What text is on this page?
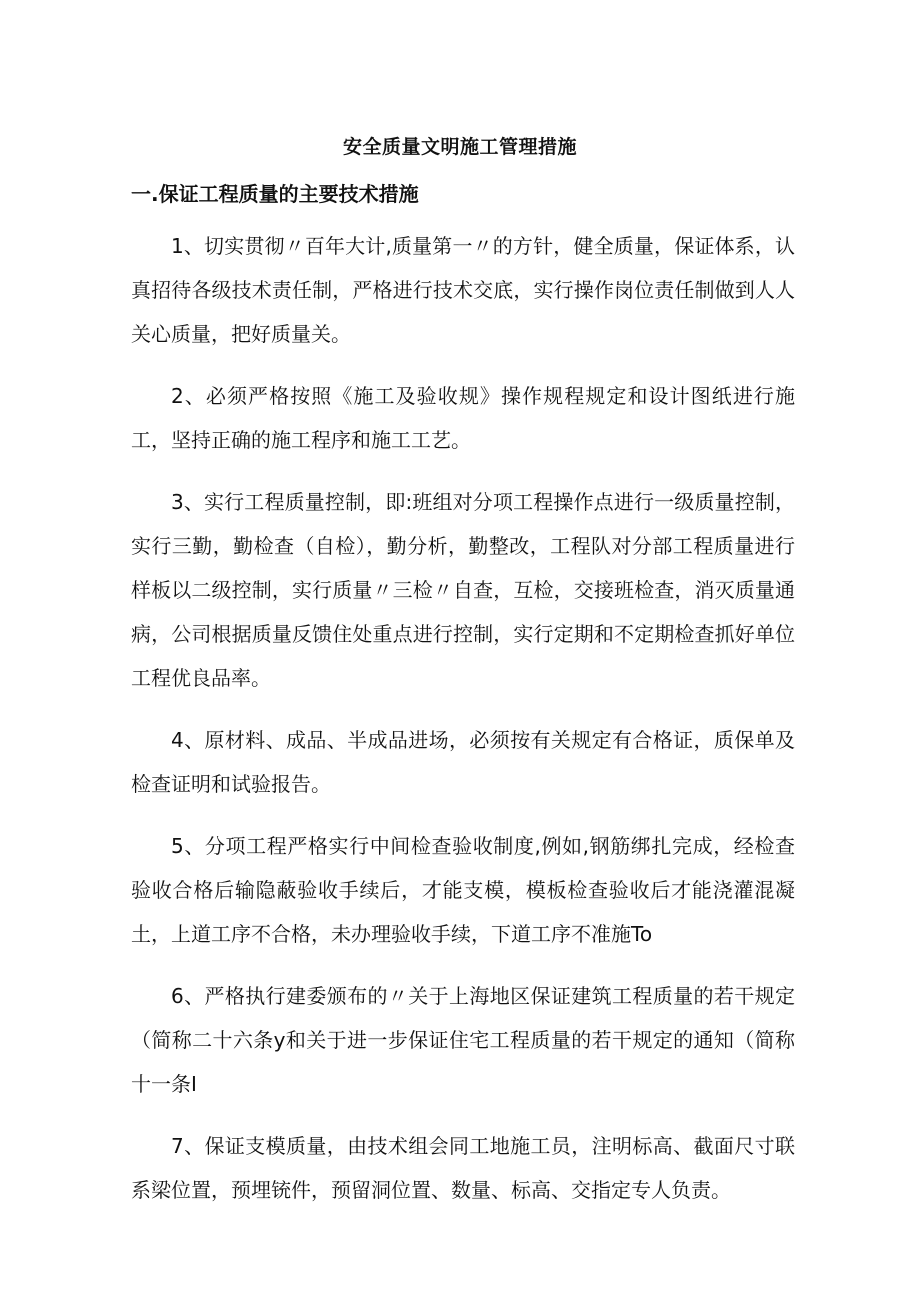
安全质量文明施工管理措施
一.保证工程质量的主要技术措施

1、切实贯彻〃百年大计,质量第一〃的方针，健全质量，保证体系，认真招待各级技术责任制，严格进行技术交底，实行操作岗位责任制做到人人关心质量，把好质量关。

2、必须严格按照《施工及验收规》操作规程规定和设计图纸进行施工，坚持正确的施工程序和施工工艺。

3、实行工程质量控制，即:班组对分项工程操作点进行一级质量控制，实行三勤，勤检查（自检），勤分析，勤整改，工程队对分部工程质量进行样板以二级控制，实行质量〃三检〃自查，互检，交接班检查，消灭质量通病，公司根据质量反馈住处重点进行控制，实行定期和不定期检查抓好单位工程优良品率。

4、原材料、成品、半成品进场，必须按有关规定有合格证，质保单及检查证明和试验报告。

5、分项工程严格实行中间检查验收制度,例如,钢筋绑扎完成，经检查验收合格后输隐蔽验收手续后，才能支模，模板检查验收后才能浇灌混凝土，上道工序不合格，未办理验收手续，下道工序不准施To

6、严格执行建委颁布的〃关于上海地区保证建筑工程质量的若干规定（简称二十六条y和关于进一步保证住宅工程质量的若干规定的通知（简称十一条I

7、保证支模质量，由技术组会同工地施工员，注明标高、截面尺寸联系梁位置，预埋铳件，预留洞位置、数量、标高、交指定专人负责。
